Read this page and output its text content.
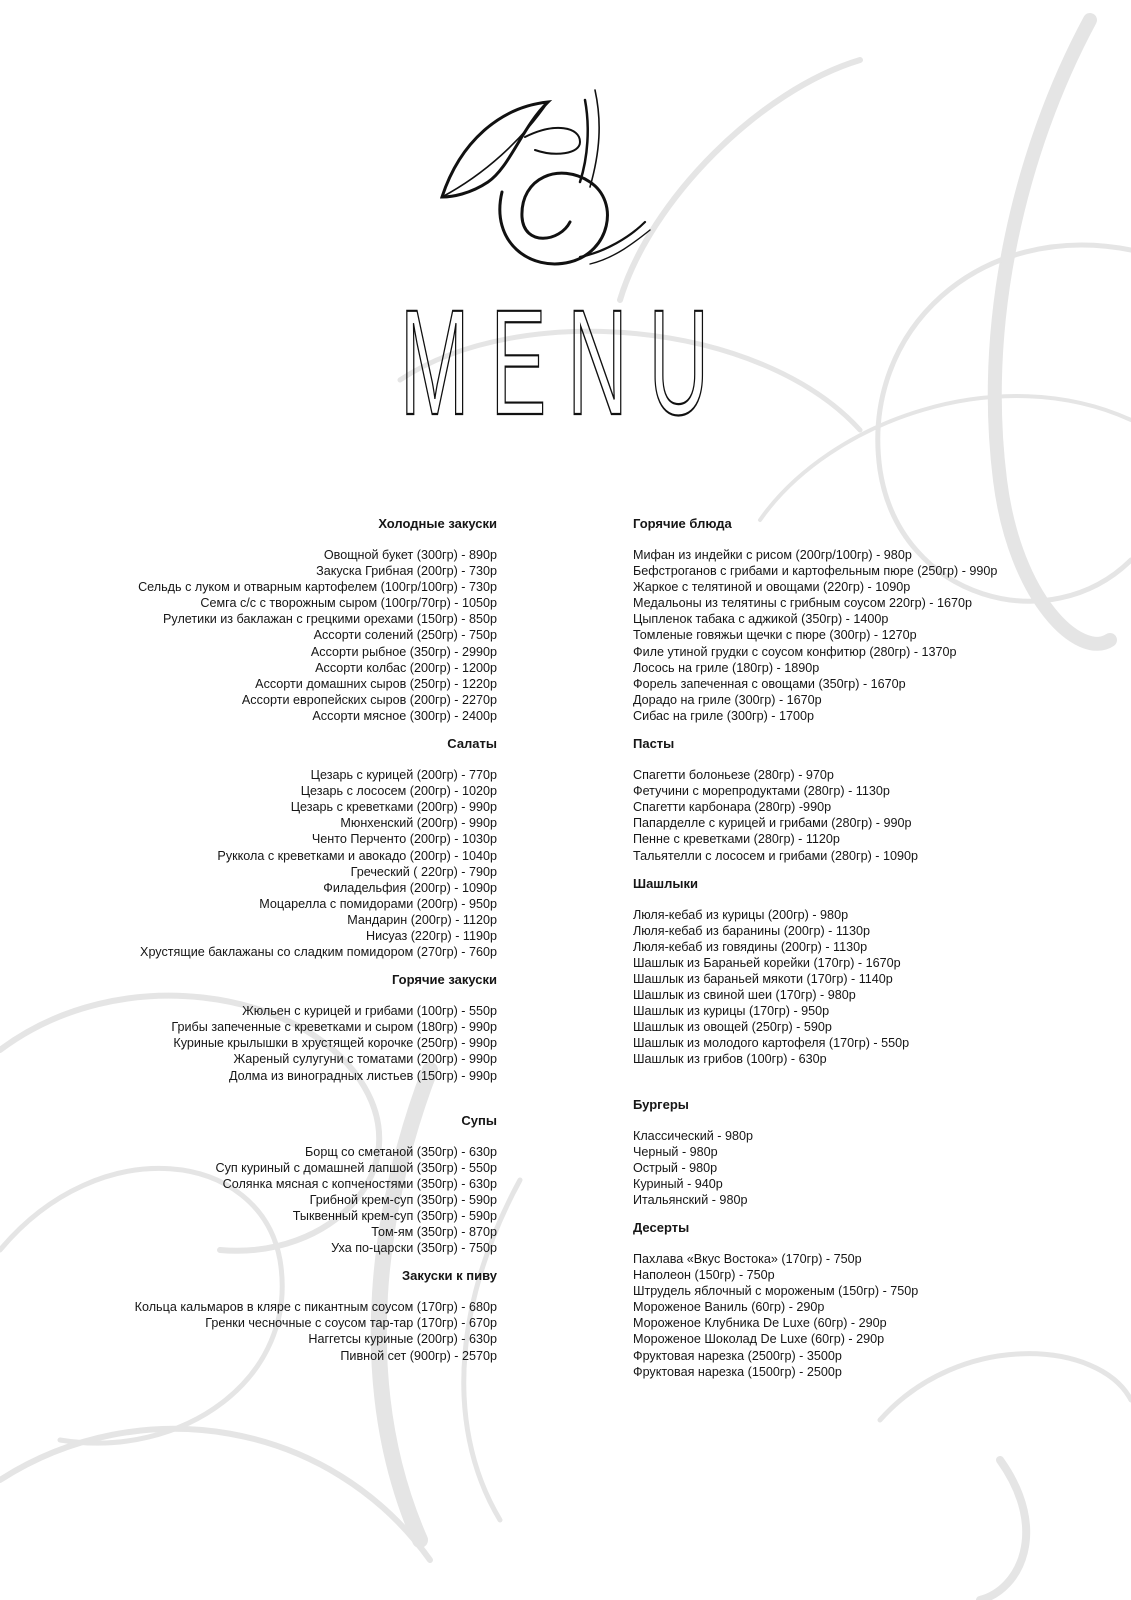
MENU
Холодные закуски
Овощной букет (300гр) - 890р
Закуска Грибная (200гр) - 730р
Сельдь с луком и отварным картофелем (100гр/100гр) - 730р
Семга с/с с творожным сыром (100гр/70гр) - 1050р
Рулетики из баклажан с грецкими орехами (150гр) - 850р
Ассорти солений (250гр) - 750р
Ассорти рыбное (350гр) - 2990р
Ассорти колбас (200гр) - 1200р
Ассорти домашних сыров (250гр) - 1220р
Ассорти европейских сыров (200гр) - 2270р
Ассорти мясное (300гр) - 2400р
Салаты
Цезарь с курицей (200гр) - 770р
Цезарь с лососем (200гр) - 1020р
Цезарь с креветками (200гр) - 990р
Мюнхенский (200гр) - 990р
Ченто Перченто (200гр) - 1030р
Руккола с креветками и авокадо (200гр) - 1040р
Греческий ( 220гр) - 790р
Филадельфия (200гр) - 1090р
Моцарелла с помидорами (200гр) - 950р
Мандарин (200гр) - 1120р
Нисуаз (220гр) - 1190р
Хрустящие баклажаны со сладким помидором (270гр) - 760р
Горячие закуски
Жюльен с курицей и грибами (100гр) - 550р
Грибы запеченные с креветками и сыром (180гр) - 990р
Куриные крылышки в хрустящей корочке (250гр) - 990р
Жареный сулугуни с томатами (200гр) - 990р
Долма из виноградных листьев (150гр) - 990р
Супы
Борщ со сметаной (350гр) - 630р
Суп куриный с домашней лапшой (350гр) - 550р
Солянка мясная с копченостями (350гр) - 630р
Грибной крем-суп (350гр) - 590р
Тыквенный крем-суп (350гр) - 590р
Том-ям (350гр) - 870р
Уха по-царски (350гр) - 750р
Закуски к пиву
Кольца кальмаров в кляре с пикантным соусом (170гр) - 680р
Гренки чесночные с соусом тар-тар (170гр) - 670р
Наггетсы куриные (200гр) - 630р
Пивной сет (900гр) - 2570р
Горячие блюда
Мифан из индейки с рисом (200гр/100гр) - 980р
Бефстроганов с грибами и картофельным пюре (250гр) - 990р
Жаркое с телятиной и овощами (220гр) - 1090р
Медальоны из телятины с грибным соусом 220гр) - 1670р
Цыпленок табака с аджикой (350гр) - 1400р
Томленые говяжьи щечки с пюре (300гр) - 1270р
Филе утиной грудки с соусом конфитюр (280гр) - 1370р
Лосось на гриле (180гр) - 1890р
Форель запеченная с овощами (350гр) - 1670р
Дорадо на гриле (300гр) - 1670р
Сибас на гриле (300гр) - 1700р
Пасты
Спагетти болоньезе (280гр) - 970р
Фетучини с морепродуктами (280гр) - 1130р
Спагетти карбонара (280гр) -990р
Папарделле с курицей и грибами (280гр) - 990р
Пенне с креветками (280гр) - 1120р
Тальятелли с лососем и грибами (280гр) - 1090р
Шашлыки
Люля-кебаб из курицы (200гр) - 980р
Люля-кебаб из баранины (200гр) - 1130р
Люля-кебаб из говядины (200гр) - 1130р
Шашлык из Бараньей корейки (170гр) - 1670р
Шашлык из бараньей мякоти (170гр) - 1140р
Шашлык из свиной шеи (170гр) - 980р
Шашлык из курицы (170гр) - 950р
Шашлык из овощей (250гр) - 590р
Шашлык из молодого картофеля (170гр) - 550р
Шашлык из грибов (100гр) - 630р
Бургеры
Классический - 980р
Черный - 980р
Острый - 980р
Куриный - 940р
Итальянский - 980р
Десерты
Пахлава «Вкус Востока» (170гр) - 750р
Наполеон (150гр) - 750р
Штрудель яблочный с мороженым (150гр) - 750р
Мороженое Ваниль (60гр) - 290р
Мороженое Клубника De Luxe (60гр) - 290р
Мороженое Шоколад De Luxe (60гр) - 290р
Фруктовая нарезка (2500гр) - 3500р
Фруктовая нарезка (1500гр) - 2500р
